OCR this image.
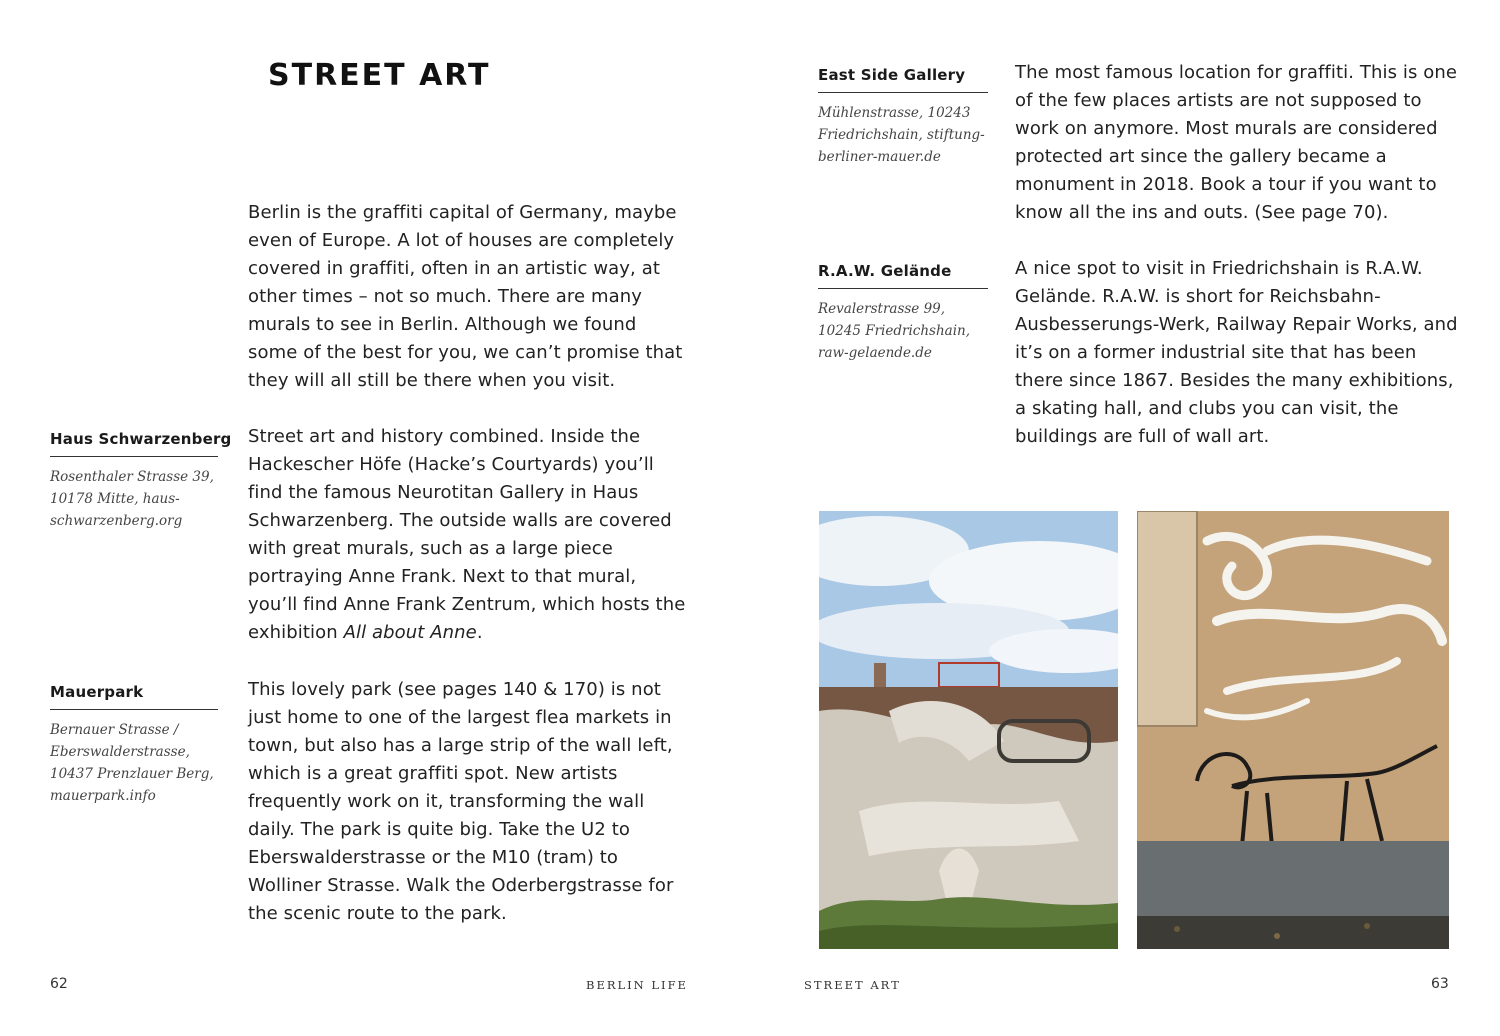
STREET ART

Berlin is the graffiti capital of Germany, maybe even of Europe. A lot of houses are completely covered in graffiti, often in an artistic way, at other times – not so much. There are many murals to see in Berlin. Although we found some of the best for you, we can’t promise that they will all still be there when you visit.

Haus Schwarzenberg

Rosenthaler Strasse 39, 10178 Mitte, haus-schwarzenberg.org

Street art and history combined. Inside the Hackescher Höfe (Hacke’s Courtyards) you’ll find the famous Neurotitan Gallery in Haus Schwarzenberg. The outside walls are covered with great murals, such as a large piece portraying Anne Frank. Next to that mural, you’ll find Anne Frank Zentrum, which hosts the exhibition All about Anne.

Mauerpark

Bernauer Strasse / Eberswalderstrasse, 10437 Prenzlauer Berg, mauerpark.info

This lovely park (see pages 140 & 170) is not just home to one of the largest flea markets in town, but also has a large strip of the wall left, which is a great graffiti spot. New artists frequently work on it, transforming the wall daily. The park is quite big. Take the U2 to Eberswalderstrasse or the M10 (tram) to Wolliner Strasse. Walk the Oderbergstrasse for the scenic route to the park.

62	BERLIN LIFE

East Side Gallery

Mühlenstrasse, 10243 Friedrichshain, stiftung-berliner-mauer.de

The most famous location for graffiti. This is one of the few places artists are not supposed to work on anymore. Most murals are considered protected art since the gallery became a monument in 2018. Book a tour if you want to know all the ins and outs. (See page 70).

R.A.W. Gelände

Revalerstrasse 99, 10245 Friedrichshain, raw-gelaende.de

A nice spot to visit in Friedrichshain is R.A.W. Gelände. R.A.W. is short for Reichsbahn-Ausbesserungs-Werk, Railway Repair Works, and it’s on a former industrial site that has been there since 1867. Besides the many exhibitions, a skating hall, and clubs you can visit, the buildings are full of wall art.

STREET ART	63
